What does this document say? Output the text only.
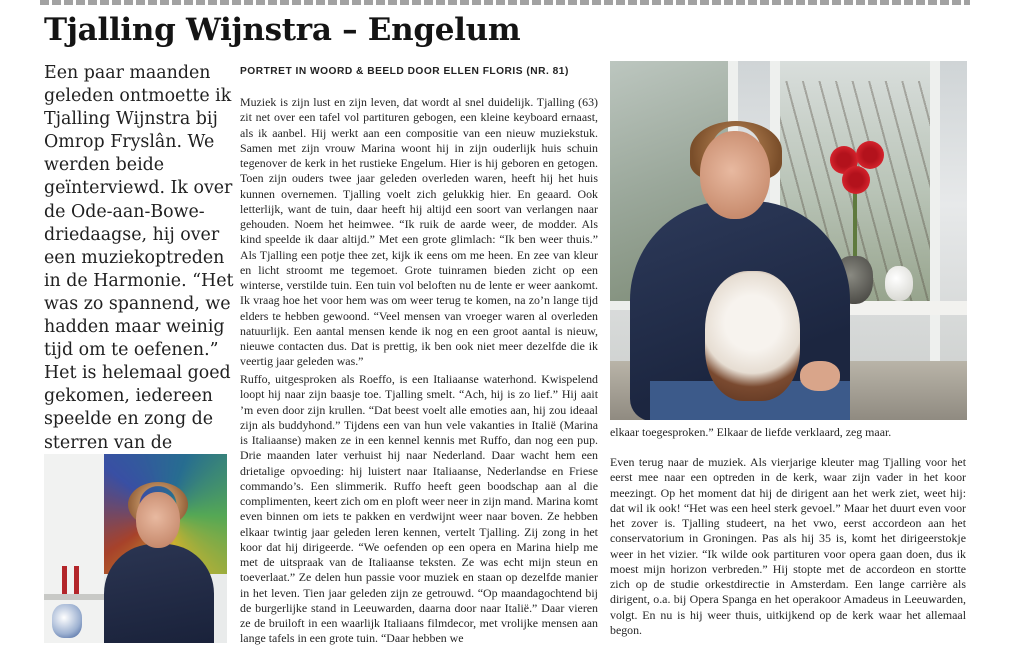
Tjalling Wijnstra – Engelum
Een paar maanden geleden ontmoette ik Tjalling Wijnstra bij Omrop Fryslân. We werden beide geïnterviewd. Ik over de Ode-aan-Bowe-driedaagse, hij over een muziekoptreden in de Harmonie. “Het was zo spannend, we hadden maar weinig tijd om te oefenen.” Het is helemaal goed gekomen, iedereen speelde en zong de sterren van de
PORTRET IN WOORD & BEELD DOOR ELLEN FLORIS (NR. 81)

Muziek is zijn lust en zijn leven, dat wordt al snel duidelijk. Tjalling (63) zit net over een tafel vol partituren gebogen, een kleine keyboard ernaast, als ik aanbel. Hij werkt aan een compositie van een nieuw muziekstuk. Samen met zijn vrouw Marina woont hij in zijn ouderlijk huis schuin tegenover de kerk in het rustieke Engelum. Hier is hij geboren en getogen. Toen zijn ouders twee jaar geleden overleden waren, heeft hij het huis kunnen overnemen. Tjalling voelt zich gelukkig hier. En geaard. Ook letterlijk, want de tuin, daar heeft hij altijd een soort van verlangen naar gehouden. Noem het heimwee. “Ik ruik de aarde weer, de modder. Als kind speelde ik daar altijd.” Met een grote glimlach: “Ik ben weer thuis.” Als Tjalling een potje thee zet, kijk ik eens om me heen. En zee van kleur en licht stroomt me tegemoet. Grote tuinramen bieden zicht op een winterse, verstilde tuin. Een tuin vol beloften nu de lente er weer aankomt. Ik vraag hoe het voor hem was om weer terug te komen, na zo’n lange tijd elders te hebben gewoond. “Veel mensen van vroeger waren al overleden natuurlijk. Een aantal mensen kende ik nog en een groot aantal is nieuw, nieuwe contacten dus. Dat is prettig, ik ben ook niet meer dezelfde die ik veertig jaar geleden was.”

Ruffo, uitgesproken als Roeffo, is een Italiaanse waterhond. Kwispelend loopt hij naar zijn baasje toe. Tjalling smelt. “Ach, hij is zo lief.” Hij aait ’m even door zijn krullen. “Dat beest voelt alle emoties aan, hij zou ideaal zijn als buddyhond.” Tijdens een van hun vele vakanties in Italië (Marina is Italiaanse) maken ze in een kennel kennis met Ruffo, dan nog een pup. Drie maanden later verhuist hij naar Nederland. Daar wacht hem een drietalige opvoeding: hij luistert naar Italiaanse, Nederlandse en Friese commando’s. Een slimmerik. Ruffo heeft geen boodschap aan al die complimenten, keert zich om en ploft weer neer in zijn mand. Marina komt even binnen om iets te pakken en verdwijnt weer naar boven. Ze hebben elkaar twintig jaar geleden leren kennen, vertelt Tjalling. Zij zong in het koor dat hij dirigeerde. “We oefenden op een opera en Marina hielp me met de uitspraak van de Italiaanse teksten. Ze was echt mijn steun en toeverlaat.” Ze delen hun passie voor muziek en staan op dezelfde manier in het leven. Tien jaar geleden zijn ze getrouwd. “Op maandagochtend bij de burgerlijke stand in Leeuwarden, daarna door naar Italië.” Daar vieren ze de bruiloft in een waarlijk Italiaans filmdecor, met vrolijke mensen aan lange tafels in een grote tuin. “Daar hebben we

elkaar toegesproken.” Elkaar de liefde verklaard, zeg maar.

Even terug naar de muziek. Als vierjarige kleuter mag Tjalling voor het eerst mee naar een optreden in de kerk, waar zijn vader in het koor meezingt. Op het moment dat hij de dirigent aan het werk ziet, weet hij: dat wil ik ook! “Het was een heel sterk gevoel.” Maar het duurt even voor het zover is. Tjalling studeert, na het vwo, eerst accordeon aan het conservatorium in Groningen. Pas als hij 35 is, komt het dirigeerstokje weer in het vizier. “Ik wilde ook partituren voor opera gaan doen, dus ik moest mijn horizon verbreden.” Hij stopte met de accordeon en stortte zich op de studie orkestdirectie in Amsterdam. Een lange carrière als dirigent, o.a. bij Opera Spanga en het operakoor Amadeus in Leeuwarden, volgt. En nu is hij weer thuis, uitkijkend op de kerk waar het allemaal begon.
